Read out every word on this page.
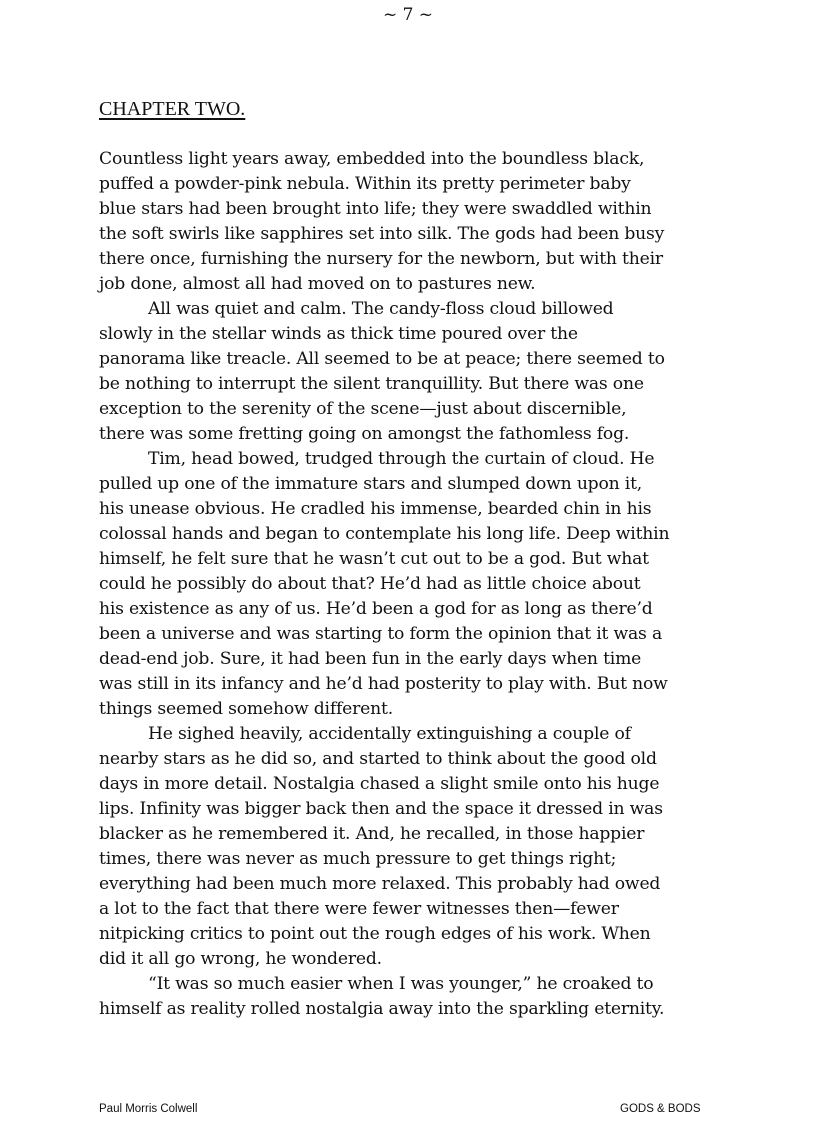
~ 7 ~
CHAPTER TWO.
Countless light years away, embedded into the boundless black,
puffed a powder-pink nebula. Within its pretty perimeter baby
blue stars had been brought into life; they were swaddled within
the soft swirls like sapphires set into silk. The gods had been busy
there once, furnishing the nursery for the newborn, but with their
job done, almost all had moved on to pastures new.
All was quiet and calm. The candy-floss cloud billowed
slowly in the stellar winds as thick time poured over the
panorama like treacle. All seemed to be at peace; there seemed to
be nothing to interrupt the silent tranquillity. But there was one
exception to the serenity of the scene—just about discernible,
there was some fretting going on amongst the fathomless fog.
Tim, head bowed, trudged through the curtain of cloud. He
pulled up one of the immature stars and slumped down upon it,
his unease obvious. He cradled his immense, bearded chin in his
colossal hands and began to contemplate his long life. Deep within
himself, he felt sure that he wasn’t cut out to be a god. But what
could he possibly do about that? He’d had as little choice about
his existence as any of us. He’d been a god for as long as there’d
been a universe and was starting to form the opinion that it was a
dead-end job. Sure, it had been fun in the early days when time
was still in its infancy and he’d had posterity to play with. But now
things seemed somehow different.
He sighed heavily, accidentally extinguishing a couple of
nearby stars as he did so, and started to think about the good old
days in more detail. Nostalgia chased a slight smile onto his huge
lips. Infinity was bigger back then and the space it dressed in was
blacker as he remembered it. And, he recalled, in those happier
times, there was never as much pressure to get things right;
everything had been much more relaxed. This probably had owed
a lot to the fact that there were fewer witnesses then—fewer
nitpicking critics to point out the rough edges of his work. When
did it all go wrong, he wondered.
“It was so much easier when I was younger,” he croaked to
himself as reality rolled nostalgia away into the sparkling eternity.
Paul Morris Colwell	GODS & BODS
